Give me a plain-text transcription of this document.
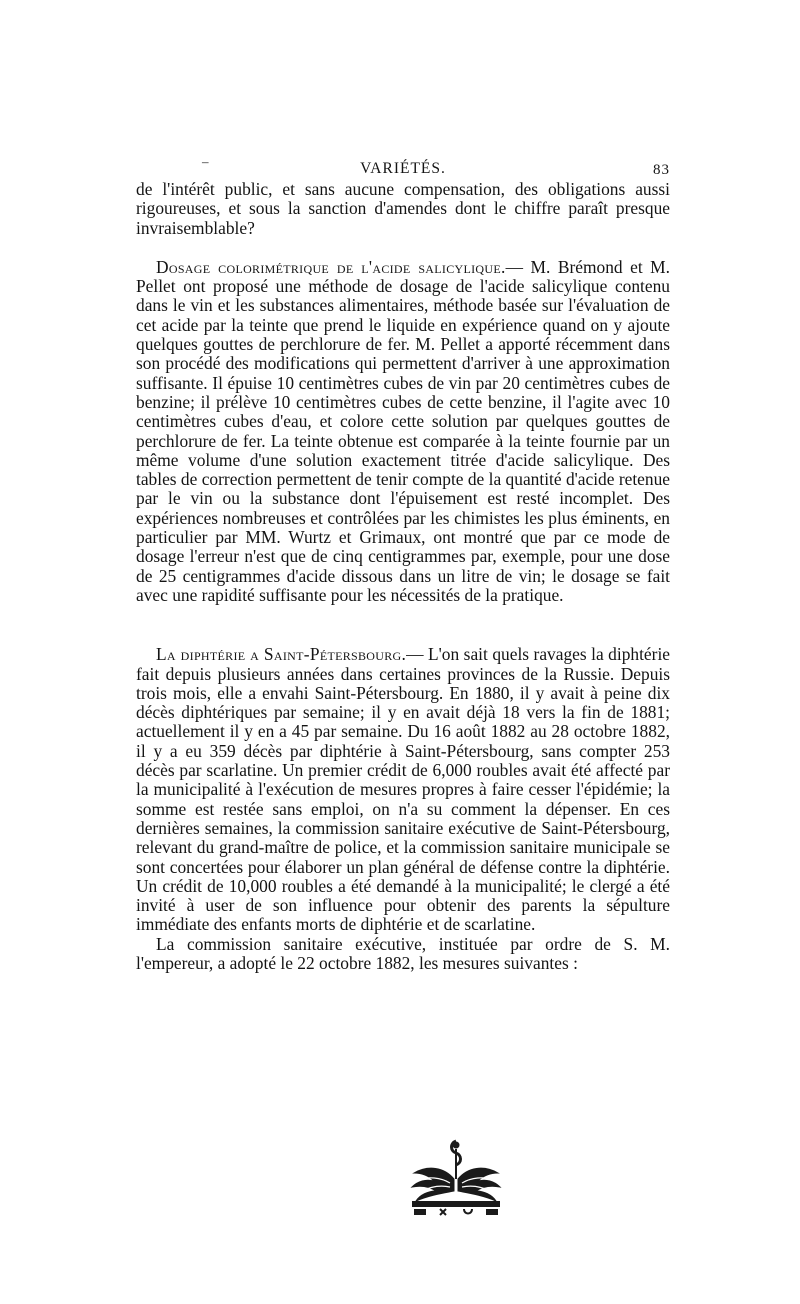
‒	VARIÉTÉS.	83

de l'intérêt public, et sans aucune compensation, des obligations aussi rigoureuses, et sous la sanction d'amendes dont le chiffre paraît presque invraisemblable?

Dosage colorimétrique de l'acide salicylique.— M. Brémond et M. Pellet ont proposé une méthode de dosage de l'acide salicylique contenu dans le vin et les substances alimentaires, méthode basée sur l'évaluation de cet acide par la teinte que prend le liquide en expérience quand on y ajoute quelques gouttes de perchlorure de fer. M. Pellet a apporté récemment dans son procédé des modifications qui permettent d'arriver à une approximation suffisante. Il épuise 10 centimètres cubes de vin par 20 centimètres cubes de benzine; il prélève 10 centimètres cubes de cette benzine, il l'agite avec 10 centimètres cubes d'eau, et colore cette solution par quelques gouttes de perchlorure de fer. La teinte obtenue est comparée à la teinte fournie par un même volume d'une solution exactement titrée d'acide salicylique. Des tables de correction permettent de tenir compte de la quantité d'acide retenue par le vin ou la substance dont l'épuisement est resté incomplet. Des expériences nombreuses et contrôlées par les chimistes les plus éminents, en particulier par MM. Wurtz et Grimaux, ont montré que par ce mode de dosage l'erreur n'est que de cinq centigrammes par, exemple, pour une dose de 25 centigrammes d'acide dissous dans un litre de vin; le dosage se fait avec une rapidité suffisante pour les nécessités de la pratique.

La diphtérie a Saint-Pétersbourg.— L'on sait quels ravages la diphtérie fait depuis plusieurs années dans certaines provinces de la Russie. Depuis trois mois, elle a envahi Saint-Pétersbourg. En 1880, il y avait à peine dix décès diphtériques par semaine; il y en avait déjà 18 vers la fin de 1881; actuellement il y en a 45 par semaine. Du 16 août 1882 au 28 octobre 1882, il y a eu 359 décès par diphtérie à Saint-Pétersbourg, sans compter 253 décès par scarlatine. Un premier crédit de 6,000 roubles avait été affecté par la municipalité à l'exécution de mesures propres à faire cesser l'épidémie; la somme est restée sans emploi, on n'a su comment la dépenser. En ces dernières semaines, la commission sanitaire exécutive de Saint-Pétersbourg, relevant du grand-maître de police, et la commission sanitaire municipale se sont concertées pour élaborer un plan général de défense contre la diphtérie. Un crédit de 10,000 roubles a été demandé à la municipalité; le clergé a été invité à user de son influence pour obtenir des parents la sépulture immédiate des enfants morts de diphtérie et de scarlatine.

La commission sanitaire exécutive, instituée par ordre de S. M. l'empereur, a adopté le 22 octobre 1882, les mesures suivantes :
